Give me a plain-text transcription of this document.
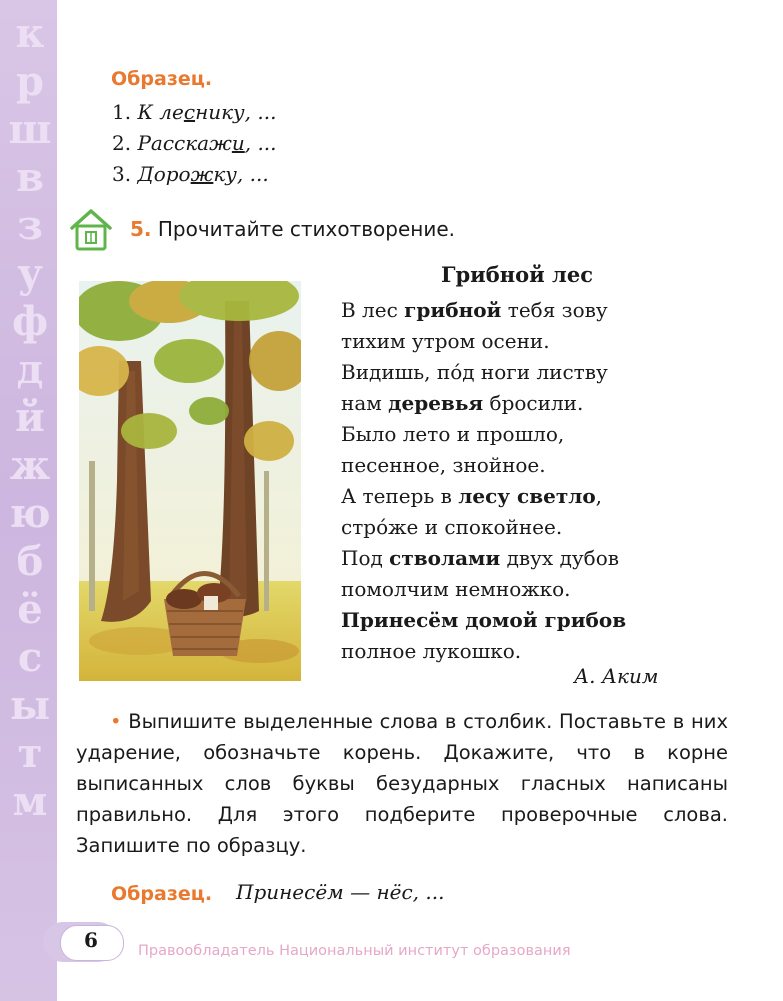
к
р
ш
в
з
у
ф
д
й
ж
ю
б
ё
с
ы
т
м
Образец.
1. К леснику, ...
2. Расскажи, ...
3. Дорожку, ...
5. Прочитайте стихотворение.
Грибной лес
В лес грибной тебя зову
тихим утром осени.
Видишь, по́д ноги листву
нам деревья бросили.
Было лето и прошло,
песенное, знойное.
А теперь в лесу светло,
стро́же и спокойнее.
Под стволами двух дубов
помолчим немножко.
Принесём домой грибов
полное лукошко.
А. Аким
• Выпишите выделенные слова в столбик. Поставьте в них ударение, обозначьте корень. Докажите, что в корне выписанных слов буквы безударных гласных написаны правильно. Для этого подберите проверочные слова. Запишите по образцу.
Образец. Принесём — нёс, ...
6	Правообладатель Национальный институт образования
